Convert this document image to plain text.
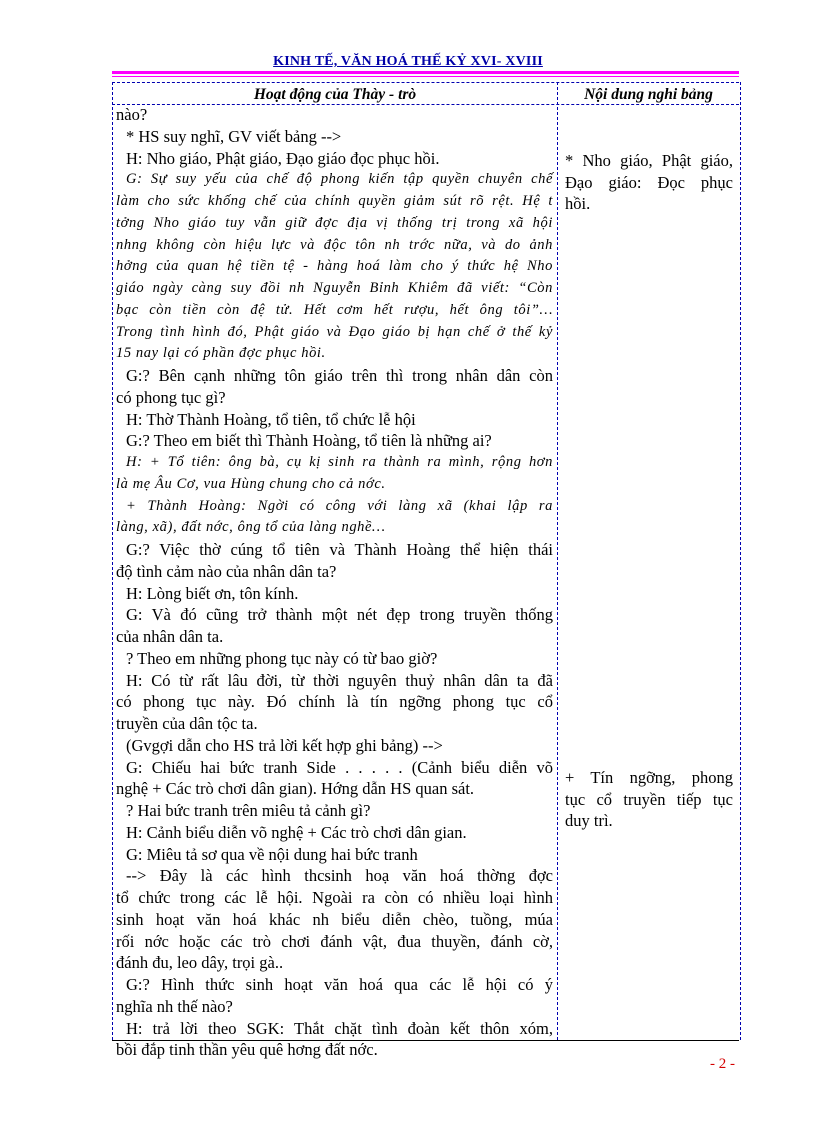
KINH TẾ, VĂN HOÁ THẾ KỶ XVI- XVIII
Hoạt động của Thày - trò	Nội dung nghi bảng
nào?
* HS suy nghĩ, GV viết bảng -->
H: Nho giáo, Phật giáo, Đạo giáo đọc phục hồi.
G: Sự suy yếu của chế độ phong kiến tập quyền chuyên chế
làm cho sức khống chế của chính quyền giảm sút rõ rệt. Hệ t
tởng Nho giáo tuy vẫn giữ đợc địa vị thống trị trong xã hội
nhng không còn hiệu lực và độc tôn nh trớc nữa, và do ảnh
hởng của quan hệ tiền tệ - hàng hoá làm cho ý thức hệ Nho
giáo ngày càng suy đồi nh Nguyễn Bỉnh Khiêm đã viết: “Còn
bạc còn tiền còn đệ tử. Hết cơm hết rượu, hết ông tôi”…
Trong tình hình đó, Phật giáo và Đạo giáo bị hạn chế ở thế kỷ
15 nay lại có phần đợc phục hồi.
G:? Bên cạnh những tôn giáo trên thì trong nhân dân còn
có phong tục gì?
H: Thờ Thành Hoàng, tổ tiên, tổ chức lễ hội
G:? Theo em biết thì Thành Hoàng, tổ tiên là những ai?
H: + Tổ tiên: ông bà, cụ kị sinh ra thành ra mình, rộng hơn
là mẹ Âu Cơ, vua Hùng chung cho cả nớc.
+ Thành Hoàng: Ngời có công với làng xã (khai lập ra
làng, xã), đất nớc, ông tổ của làng nghề…
G:? Việc thờ cúng tổ tiên và Thành Hoàng thể hiện thái
độ tình cảm nào của nhân dân ta?
H: Lòng biết ơn, tôn kính.
G: Và đó cũng trở thành một nét đẹp trong truyền thống
của nhân dân ta.
? Theo em những phong tục này có từ bao giờ?
H: Có từ rất lâu đời, từ thời nguyên thuỷ nhân dân ta đã
có phong tục này. Đó chính là tín ngỡng phong tục cổ
truyền của dân tộc ta.
(Gvgợi dẫn cho HS trả lời kết hợp ghi bảng) -->
G: Chiếu hai bức tranh Side . . . . . (Cảnh biểu diễn võ
nghệ + Các trò chơi dân gian). Hớng dẫn HS quan sát.
? Hai bức tranh trên miêu tả cảnh gì?
H: Cảnh biểu diễn võ nghệ + Các trò chơi dân gian.
G: Miêu tả sơ qua về nội dung hai bức tranh
--> Đây là các hình thcsinh hoạ văn hoá thờng đợc
tổ chức trong các lễ hội. Ngoài ra còn có nhiều loại hình
sinh hoạt văn hoá khác nh biểu diễn chèo, tuồng, múa
rối nớc hoặc các trò chơi đánh vật, đua thuyền, đánh cờ,
đánh đu, leo dây, trọi gà..
G:? Hình thức sinh hoạt văn hoá qua các lễ hội có ý
nghĩa nh thế nào?
H: trả lời theo SGK: Thắt chặt tình đoàn kết thôn xóm,
bồi đắp tinh thần yêu quê hơng đất nớc.
* Nho giáo, Phật giáo,
Đạo giáo: Đọc phục
hồi.
+ Tín ngỡng, phong
tục cổ truyền tiếp tục
duy trì.
- 2 -
